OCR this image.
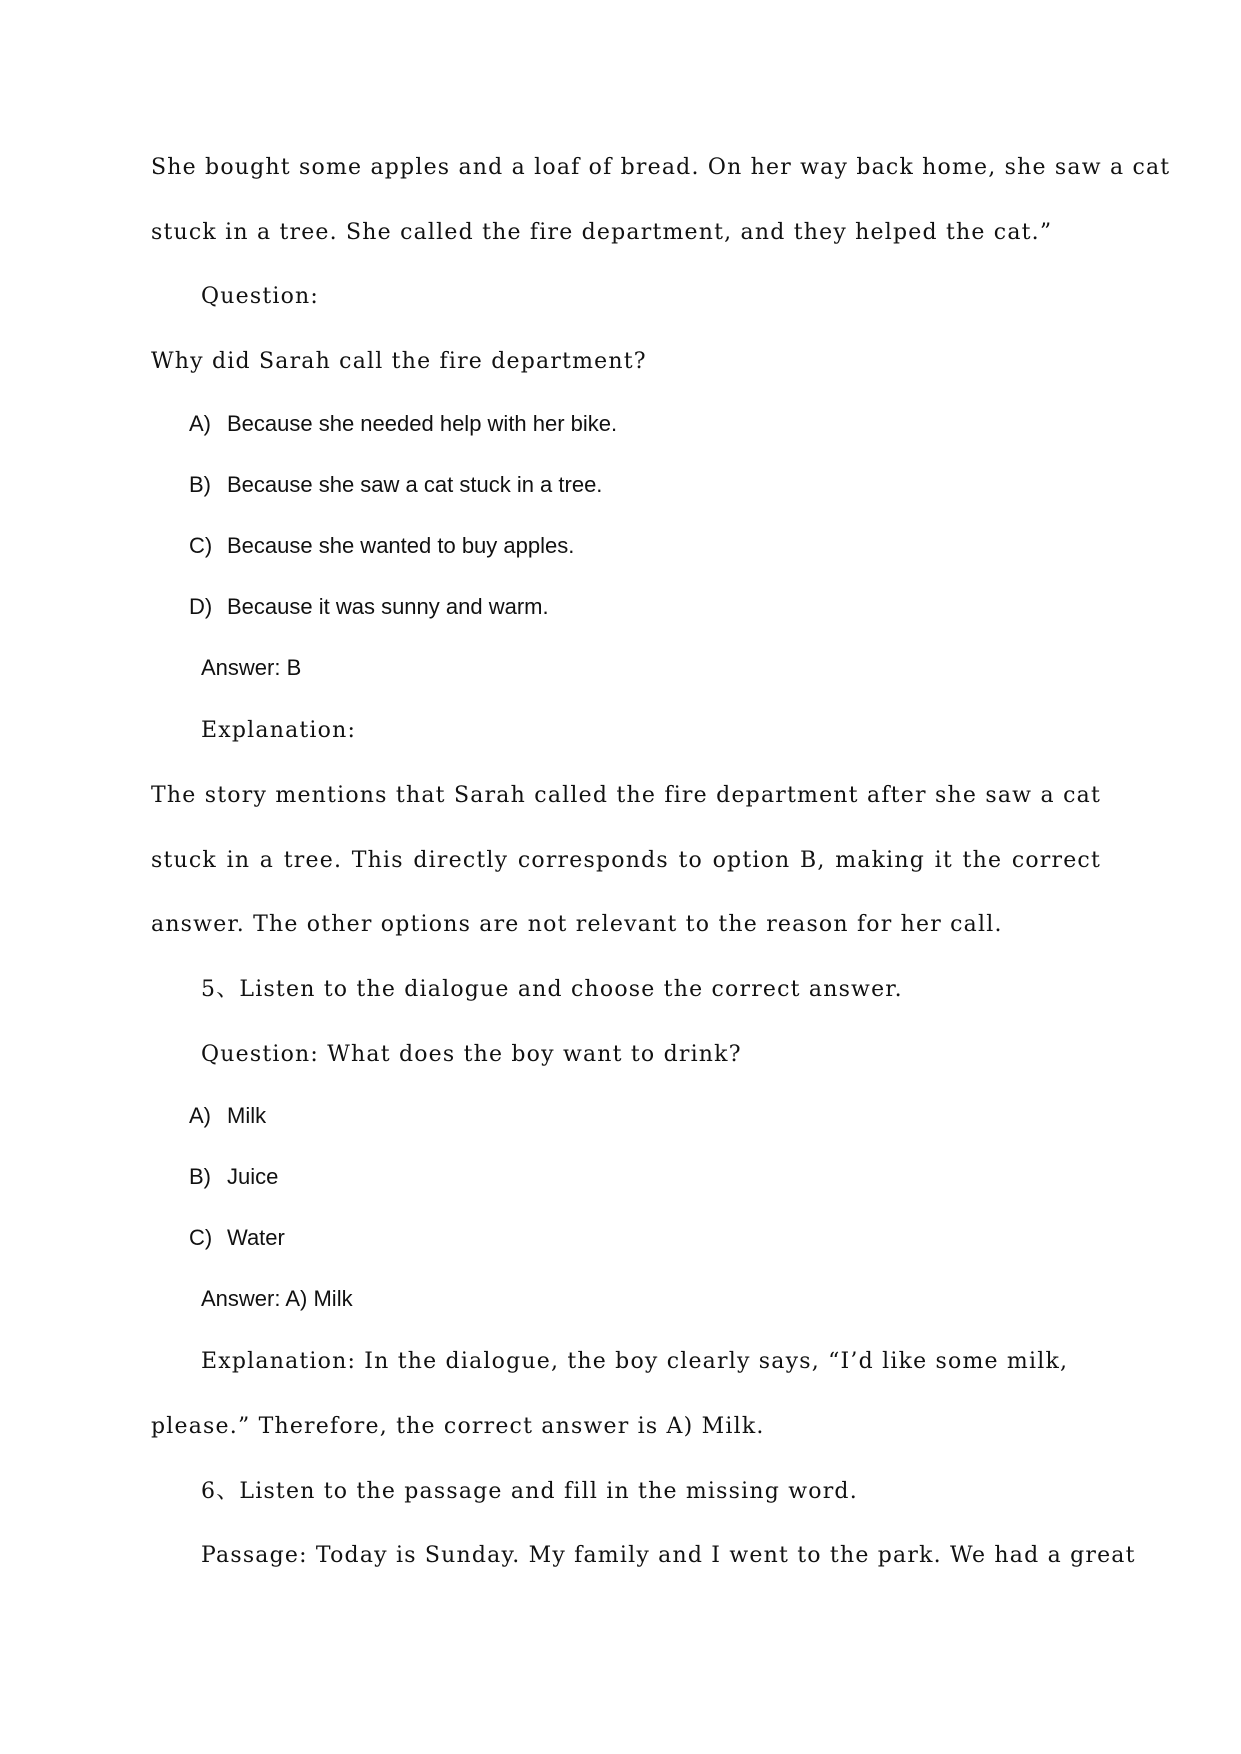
She bought some apples and a loaf of bread. On her way back home, she saw a cat
stuck in a tree. She called the fire department, and they helped the cat.”
Question:
Why did Sarah call the fire department?
A) Because she needed help with her bike.
B) Because she saw a cat stuck in a tree.
C) Because she wanted to buy apples.
D) Because it was sunny and warm.
Answer: B
Explanation:
The story mentions that Sarah called the fire department after she saw a cat
stuck in a tree. This directly corresponds to option B, making it the correct
answer. The other options are not relevant to the reason for her call.
5、Listen to the dialogue and choose the correct answer.
Question: What does the boy want to drink?
A) Milk
B) Juice
C) Water
Answer: A) Milk
Explanation: In the dialogue, the boy clearly says, “I’d like some milk,
please.” Therefore, the correct answer is A) Milk.
6、Listen to the passage and fill in the missing word.
Passage: Today is Sunday. My family and I went to the park. We had a great
